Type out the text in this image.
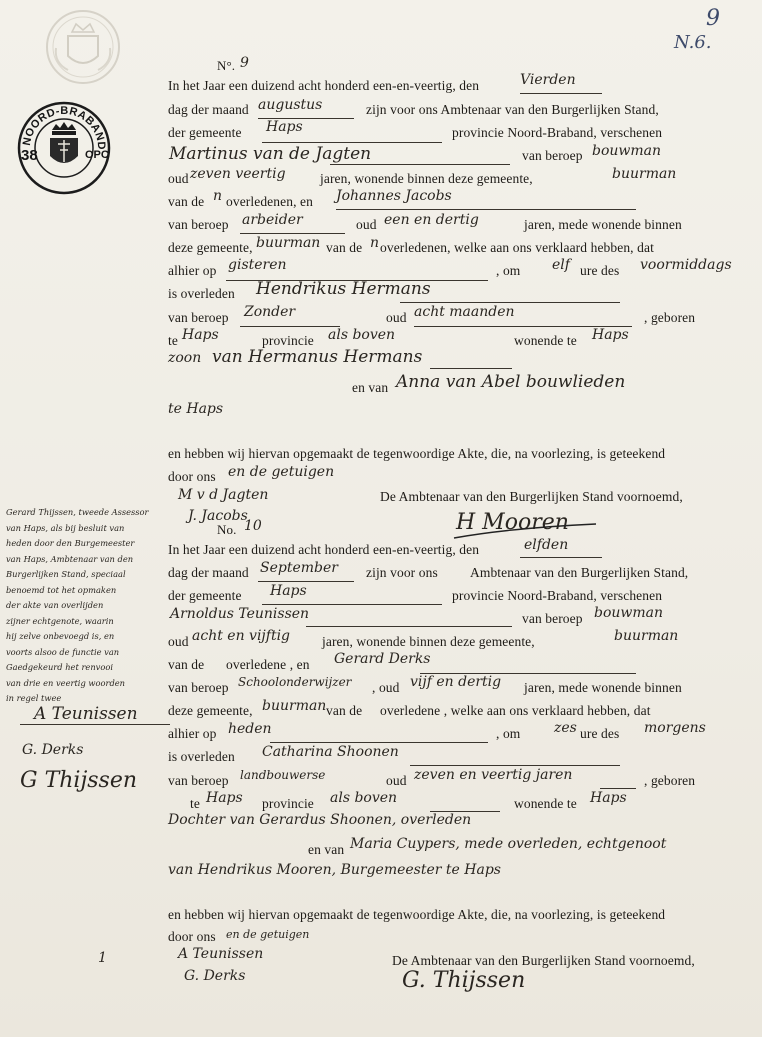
9
N.6.
NOORD-BRABAND
38	OPC
N°. 9
In het Jaar een duizend acht honderd een-en-veertig, den	Vierden
dag der maand augustus	zijn voor ons Ambtenaar van den Burgerlijken Stand,
der gemeente Haps	provincie Noord-Braband, verschenen
Martinus van de Jagten	van beroep bouwman
oud zeven veertig	jaren, wonende binnen deze gemeente,	buurman
van de n overledenen, en Johannes Jacobs
van beroep arbeider	oud een en dertig	jaren, mede wonende binnen
deze gemeente, buurman van de n overledenen, welke aan ons verklaard hebben, dat
alhier op gisteren	, om elf ure des voormiddags
is overleden Hendrikus Hermans
van beroep Zonder	oud acht maanden	, geboren
te Haps	provincie als boven	wonende te Haps
zoon van Hermanus Hermans
en van Anna van Abel bouwlieden
te Haps
en hebben wij hiervan opgemaakt de tegenwoordige Akte, die, na voorlezing, is geteekend
door ons en de getuigen
M v d Jagten
J. Jacobs
De Ambtenaar van den Burgerlijken Stand voornoemd,
H Mooren
No. 10
In het Jaar een duizend acht honderd een-en-veertig, den	elfden
dag der maand September zijn voor ons Ambtenaar van den Burgerlijken Stand,
der gemeente Haps	provincie Noord-Braband, verschenen
Arnoldus Teunissen	van beroep bouwman
oud acht en vijftig jaren, wonende binnen deze gemeente,	buurman
van de overledene , en Gerard Derks
van beroep Schoolonderwijzer , oud vijf en dertig jaren, mede wonende binnen
deze gemeente, buurman van de overledene , welke aan ons verklaard hebben, dat
alhier op heden	, om zes ure des morgens
is overleden Catharina Shoonen
van beroep landbouwerse	oud zeven en veertig jaren	, geboren
te Haps provincie als boven	wonende te Haps
Dochter van Gerardus Shoonen, overleden
en van Maria Cuypers, mede overleden, echtgenoot
van Hendrikus Mooren, Burgemeester te Haps
en hebben wij hiervan opgemaakt de tegenwoordige Akte, die, na voorlezing, is geteekend
door ons en de getuigen
A Teunissen
G. Derks
De Ambtenaar van den Burgerlijken Stand voornoemd,
G. Thijssen
Gerard Thijssen, tweede Assessor
van Haps, als bij besluit van
heden door den Burgemeester
van Haps, Ambtenaar van den
Burgerlijken Stand, speciaal
benoemd tot het opmaken
der akte van overlijden
zijner echtgenote, waarin
hij zelve onbevoegd is, en
voorts alsoo de functie van
Gaedgekeurd het renvooi
van drie en veertig woorden
in regel twee
A Teunissen
G. Derks
G Thijssen
1
